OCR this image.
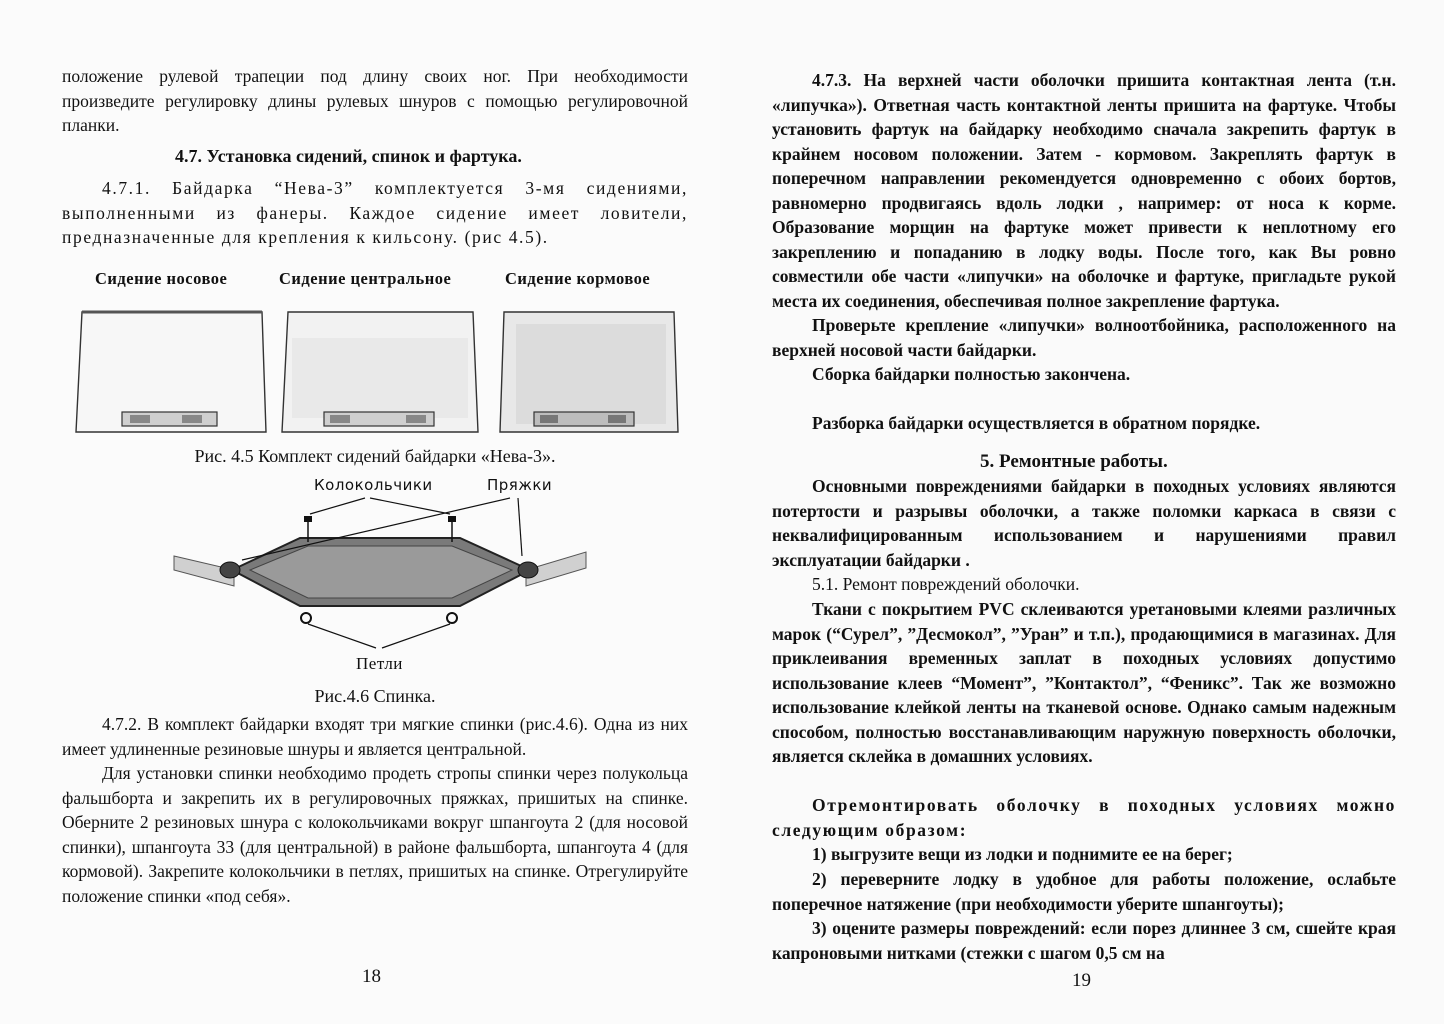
положение рулевой трапеции под длину своих ног. При необходимости произведите регулировку длины рулевых шнуров с помощью регулировочной планки.
4.7. Установка сидений, спинок и фартука.
4.7.1. Байдарка “Нева-3” комплектуется 3-мя сидениями, выполненными из фанеры. Каждое сидение имеет ловители, предназначенные для крепления к кильсону. (рис 4.5).
Сидение носовое	Сидение центральное	Сидение кормовое
Рис. 4.5 Комплект сидений байдарки «Нева-3».
Колокольчики	Пряжки
Петли
Рис.4.6 Спинка.
4.7.2. В комплект байдарки входят три мягкие спинки (рис.4.6). Одна из них имеет удлиненные резиновые шнуры и является центральной.
Для установки спинки необходимо продеть стропы спинки через полукольца фальшборта и закрепить их в регулировочных пряжках, пришитых на спинке. Оберните 2 резиновых шнура с колокольчиками вокруг шпангоута 2 (для носовой спинки), шпангоута 33 (для центральной) в районе фальшборта, шпангоута 4 (для кормовой). Закрепите колокольчики в петлях, пришитых на спинке. Отрегулируйте положение спинки «под себя».
18
4.7.3. На верхней части оболочки пришита контактная лента (т.н. «липучка»). Ответная часть контактной ленты пришита на фартуке. Чтобы установить фартук на байдарку необходимо сначала закрепить фартук в крайнем носовом положении. Затем - кормовом. Закреплять фартук в поперечном направлении рекомендуется одновременно с обоих бортов, равномерно продвигаясь вдоль лодки , например: от носа к корме. Образование морщин на фартуке может привести к неплотному его закреплению и попаданию в лодку воды. После того, как Вы ровно совместили обе части «липучки» на оболочке и фартуке, пригладьте рукой места их соединения, обеспечивая полное закрепление фартука.
Проверьте крепление «липучки» волноотбойника, расположенного на верхней носовой части байдарки.
Сборка байдарки полностью закончена.
Разборка байдарки осуществляется в обратном порядке.
5. Ремонтные работы.
Основными повреждениями байдарки в походных условиях являются потертости и разрывы оболочки, а также поломки каркаса в связи с неквалифицированным использованием и нарушениями правил эксплуатации байдарки .
5.1. Ремонт повреждений оболочки.
Ткани с покрытием PVC склеиваются уретановыми клеями различных марок (“Сурел”, ”Десмокол”, ”Уран” и т.п.), продающимися в магазинах. Для приклеивания временных заплат в походных условиях допустимо использование клеев “Момент”, ”Контактол”, “Феникс”. Так же возможно использование клейкой ленты на тканевой основе. Однако самым надежным способом, полностью восстанавливающим наружную поверхность оболочки, является склейка в домашних условиях.
Отремонтировать оболочку в походных условиях можно следующим образом:
1) выгрузите вещи из лодки и поднимите ее на берег;
2) переверните лодку в удобное для работы положение, ослабьте поперечное натяжение (при необходимости уберите шпангоуты);
3) оцените размеры повреждений: если порез длиннее 3 см, сшейте края капроновыми нитками (стежки с шагом 0,5 см на
19
